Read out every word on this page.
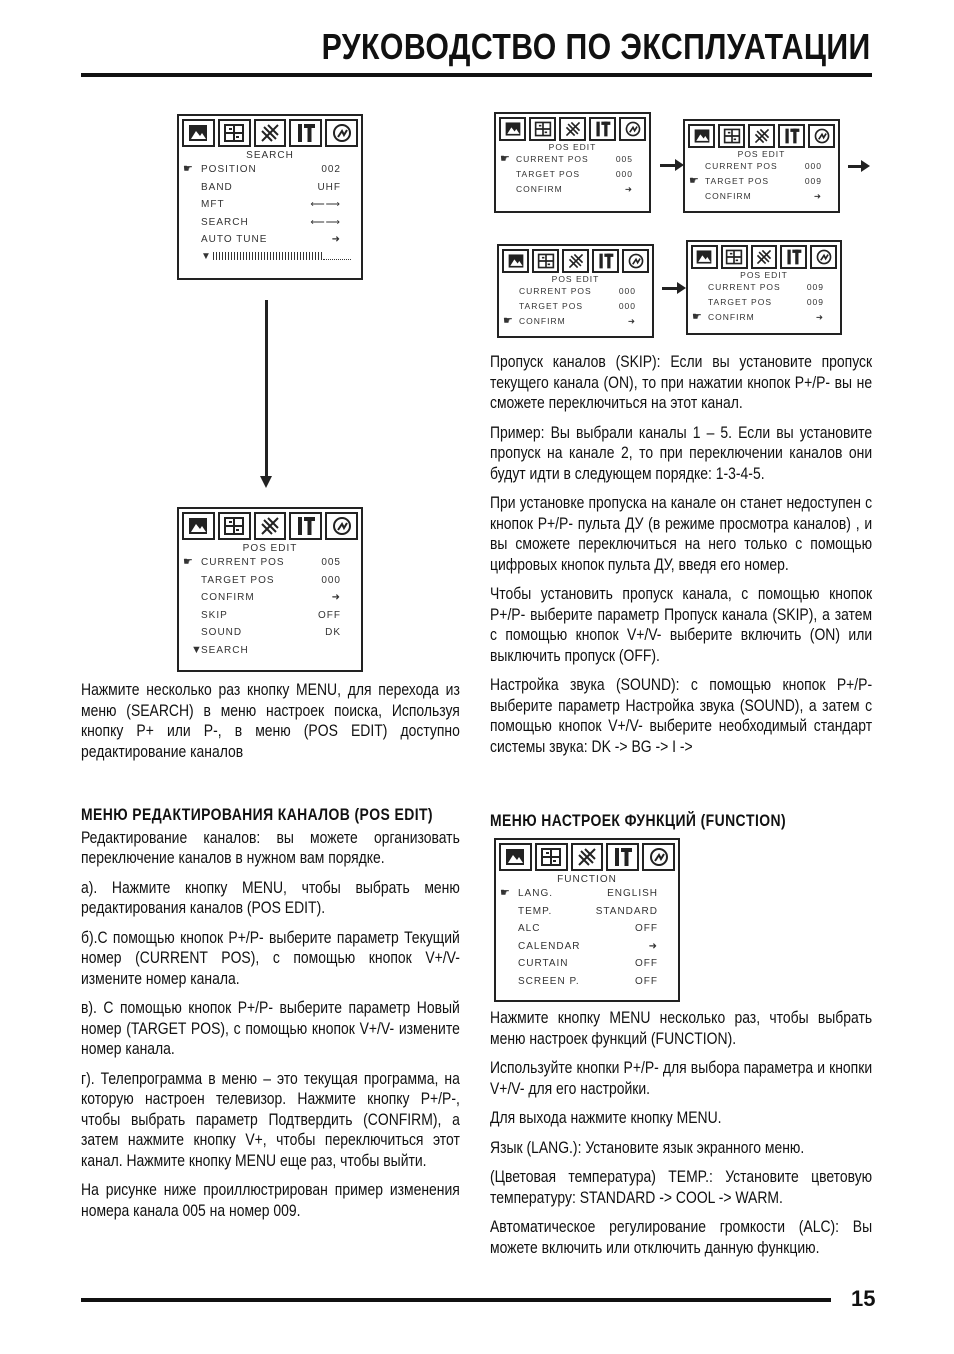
РУКОВОДСТВО ПО ЭКСПЛУАТАЦИИ
SEARCH
☛ POSITION	002
BAND	UHF
MFT	⟵⟶
SEARCH	⟵⟶
AUTO TUNE	➜
▼
POS EDIT
☛ CURRENT POS	005
TARGET POS	000
CONFIRM	➜
SKIP	OFF
SOUND	DK
▼
SEARCH
POS EDIT
☛ CURRENT POS	005
TARGET POS	000
CONFIRM	➜
POS EDIT
CURRENT POS	000
☛ TARGET POS	009
CONFIRM	➜
POS EDIT
CURRENT POS	000
TARGET POS	000
☛ CONFIRM	➜
POS EDIT
CURRENT POS	009
TARGET POS	009
☛ CONFIRM	➜

Нажмите несколько раз кнопку MENU, для перехода из меню (SEARCH) в меню настроек поиска, Используя кнопку P+ или P-, в меню (POS EDIT) доступно редактирование каналов

МЕНЮ РЕДАКТИРОВАНИЯ КАНАЛОВ (POS EDIT)

Редактирование каналов: вы можете организовать переключение каналов в нужном вам порядке.

а). Нажмите кнопку MENU, чтобы выбрать меню редактирования каналов (POS EDIT).

б).С помощью кнопок P+/P- выберите параметр Текущий номер (CURRENT POS), с помощью кнопок V+/V- измените номер канала.

в). С помощью кнопок P+/P- выберите параметр Новый номер (TARGET POS), с помощью кнопок V+/V- измените номер канала.

г). Телепрограмма в меню – это текущая программа, на которую настроен телевизор. Нажмите кнопку P+/P-, чтобы выбрать параметр Подтвердить (CONFIRM), а затем нажмите кнопку V+, чтобы переключиться этот канал. Нажмите кнопку MENU еще раз, чтобы выйти.

На рисунке ниже проиллюстрирован пример изменения номера канала 005 на номер 009.

Пропуск каналов (SKIP): Если вы установите пропуск текущего канала (ON), то при нажатии кнопок P+/P- вы не сможете переключиться на этот канал.

Пример: Вы выбрали каналы 1 – 5. Если вы установите пропуск на канале 2, то при переключении каналов они будут идти в следующем порядке: 1-3-4-5.

При установке пропуска на канале он станет недоступен с кнопок P+/P- пульта ДУ (в режиме просмотра каналов) , и вы сможете переключиться на него только с помощью цифровых кнопок пульта ДУ, введя его номер.

Чтобы установить пропуск канала, с помощью кнопок P+/P- выберите параметр Пропуск канала (SKIP), а затем с помощью кнопок V+/V- выберите включить (ON) или выключить пропуск (OFF).

Настройка звука (SOUND): с помощью кнопок P+/P- выберите параметр Настройка звука (SOUND), а затем с помощью кнопок V+/V- выберите необходимый стандарт системы звука: DK -> BG -> I ->

МЕНЮ НАСТРОЕК ФУНКЦИЙ (FUNCTION)
FUNCTION
☛ LANG.	ENGLISH
TEMP.	STANDARD
ALC	OFF
CALENDAR	➜
CURTAIN	OFF
SCREEN P.	OFF

Нажмите кнопку MENU несколько раз, чтобы выбрать меню настроек функций (FUNCTION).

Используйте кнопки P+/P- для выбора параметра и кнопки V+/V- для его настройки.

Для выхода нажмите кнопку MENU.

Язык (LANG.): Установите язык экранного меню.

(Цветовая температура) TEMP.: Установите цветовую температуру: STANDARD -> COOL -> WARM.

Автоматическое регулирование громкости (ALC): Вы можете включить или отключить данную функцию.

15
